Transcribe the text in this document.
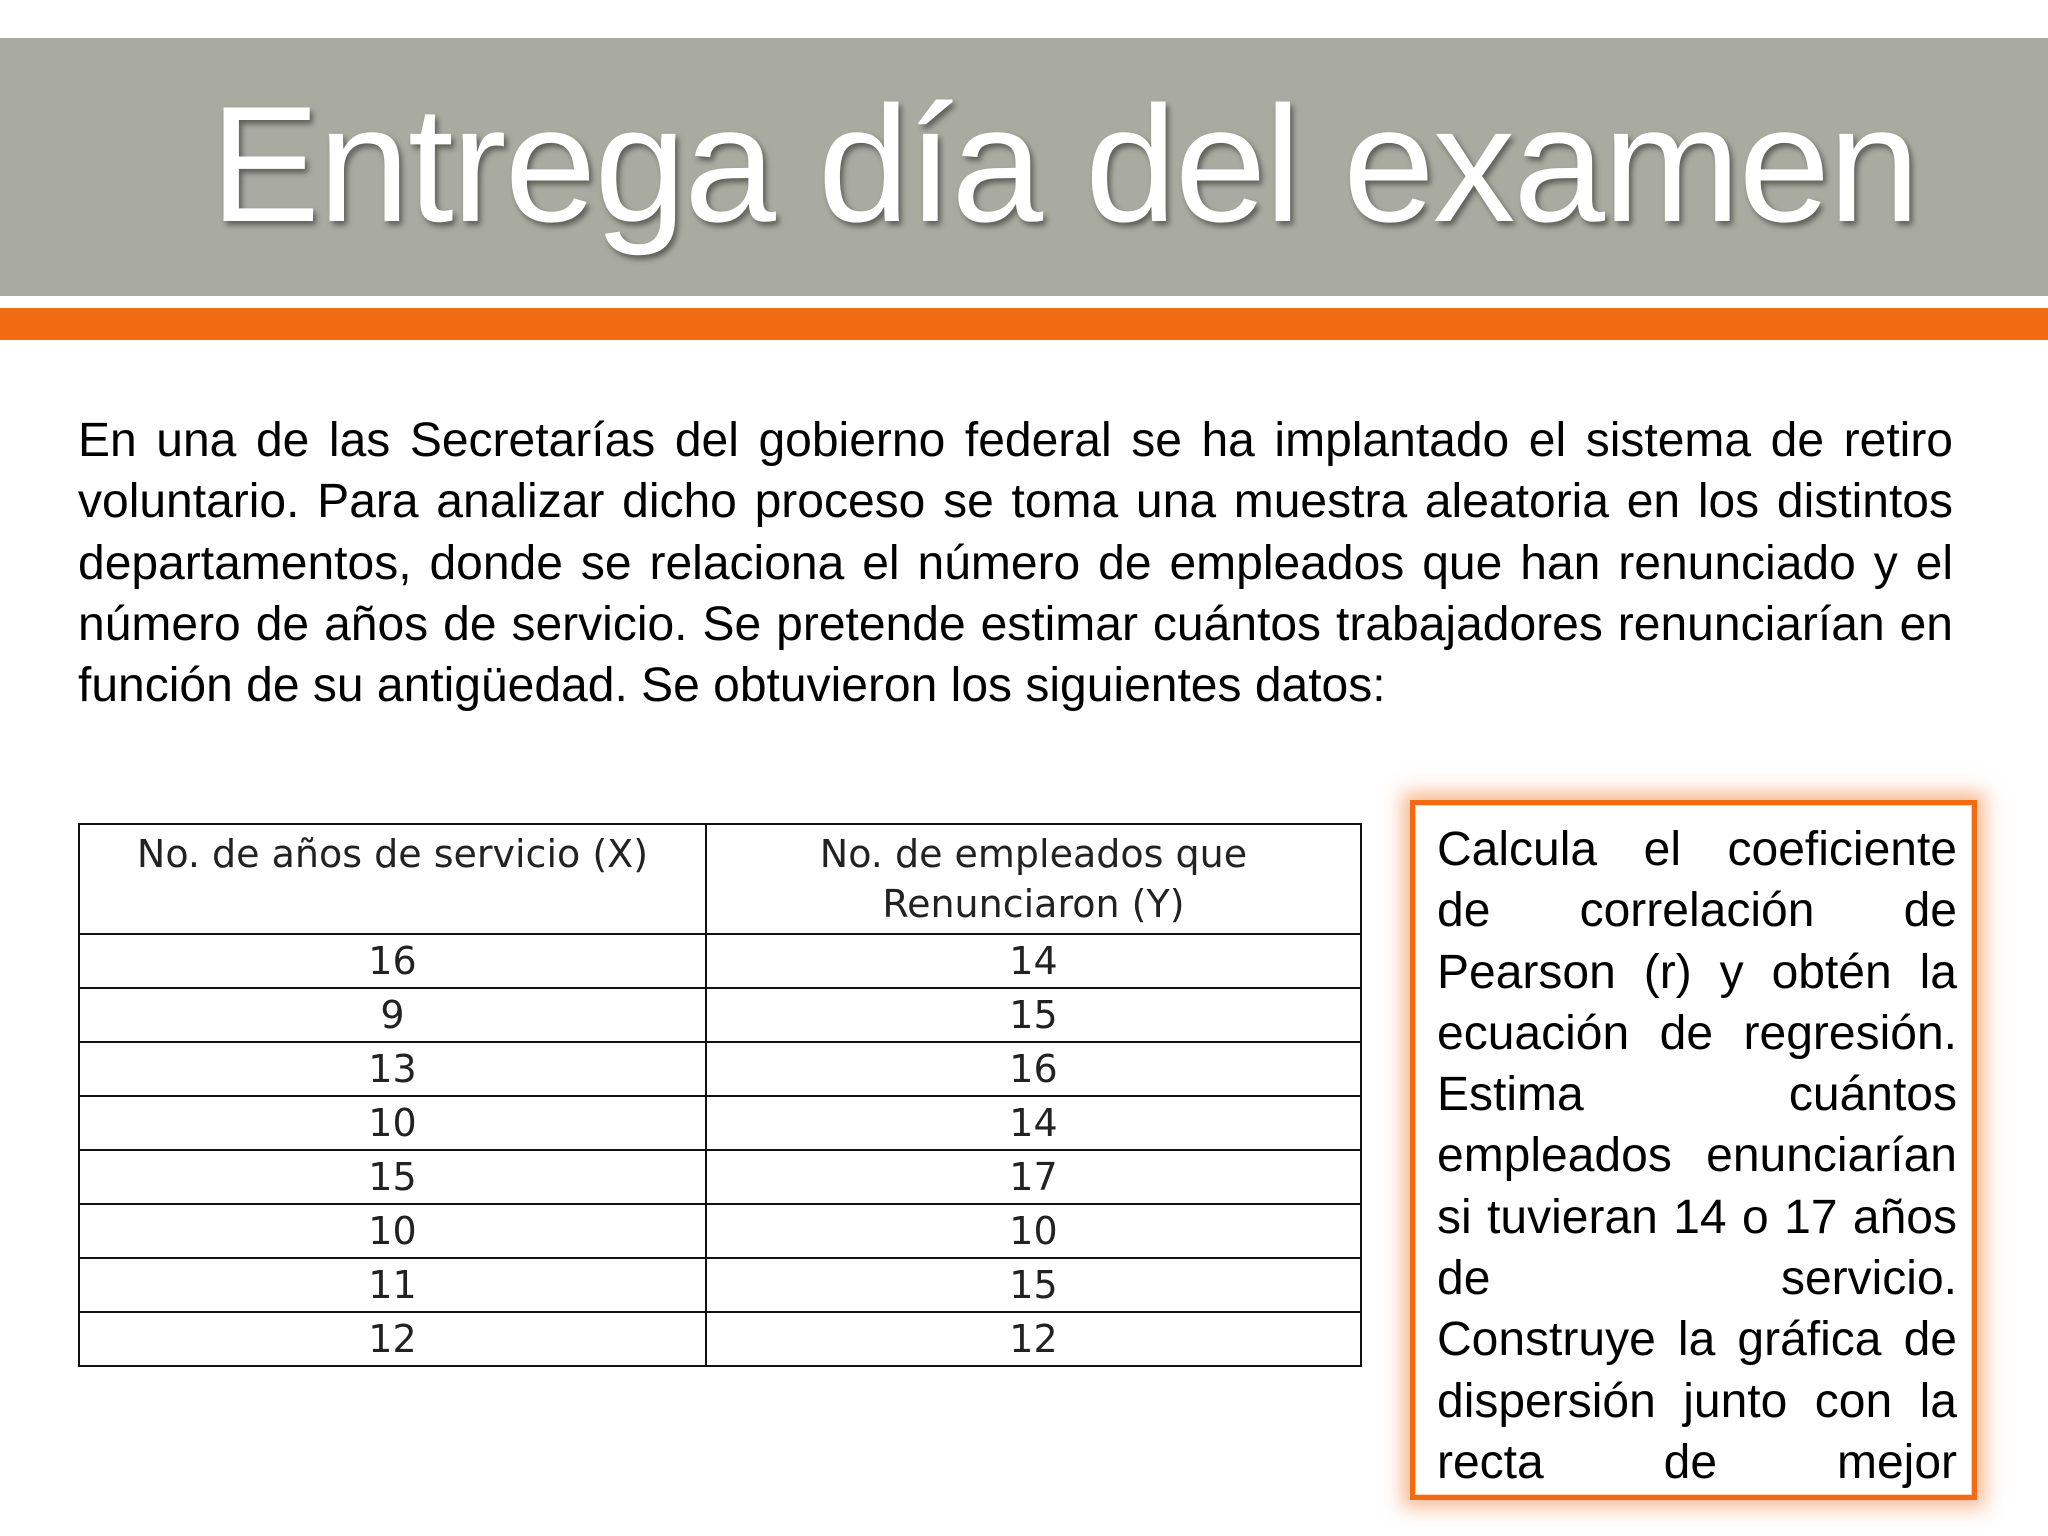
Entrega día del examen

En una de las Secretarías del gobierno federal se ha implantado el sistema de retiro voluntario. Para analizar dicho proceso se toma una muestra aleatoria en los distintos departamentos, donde se relaciona el número de empleados que han renunciado y el número de años de servicio. Se pretende estimar cuántos trabajadores renunciarían en función de su antigüedad. Se obtuvieron los siguientes datos:

No. de años de servicio (X)	No. de empleados que Renunciaron (Y)
16	14
9	15
13	16
10	14
15	17
10	10
11	15
12	12
Calcula el coeficiente de correlación de Pearson (r) y obtén la ecuación de regresión.
Estima cuántos empleados enunciarían si tuvieran 14 o 17 años de servicio.
Construye la gráfica de dispersión junto con la recta de mejor
